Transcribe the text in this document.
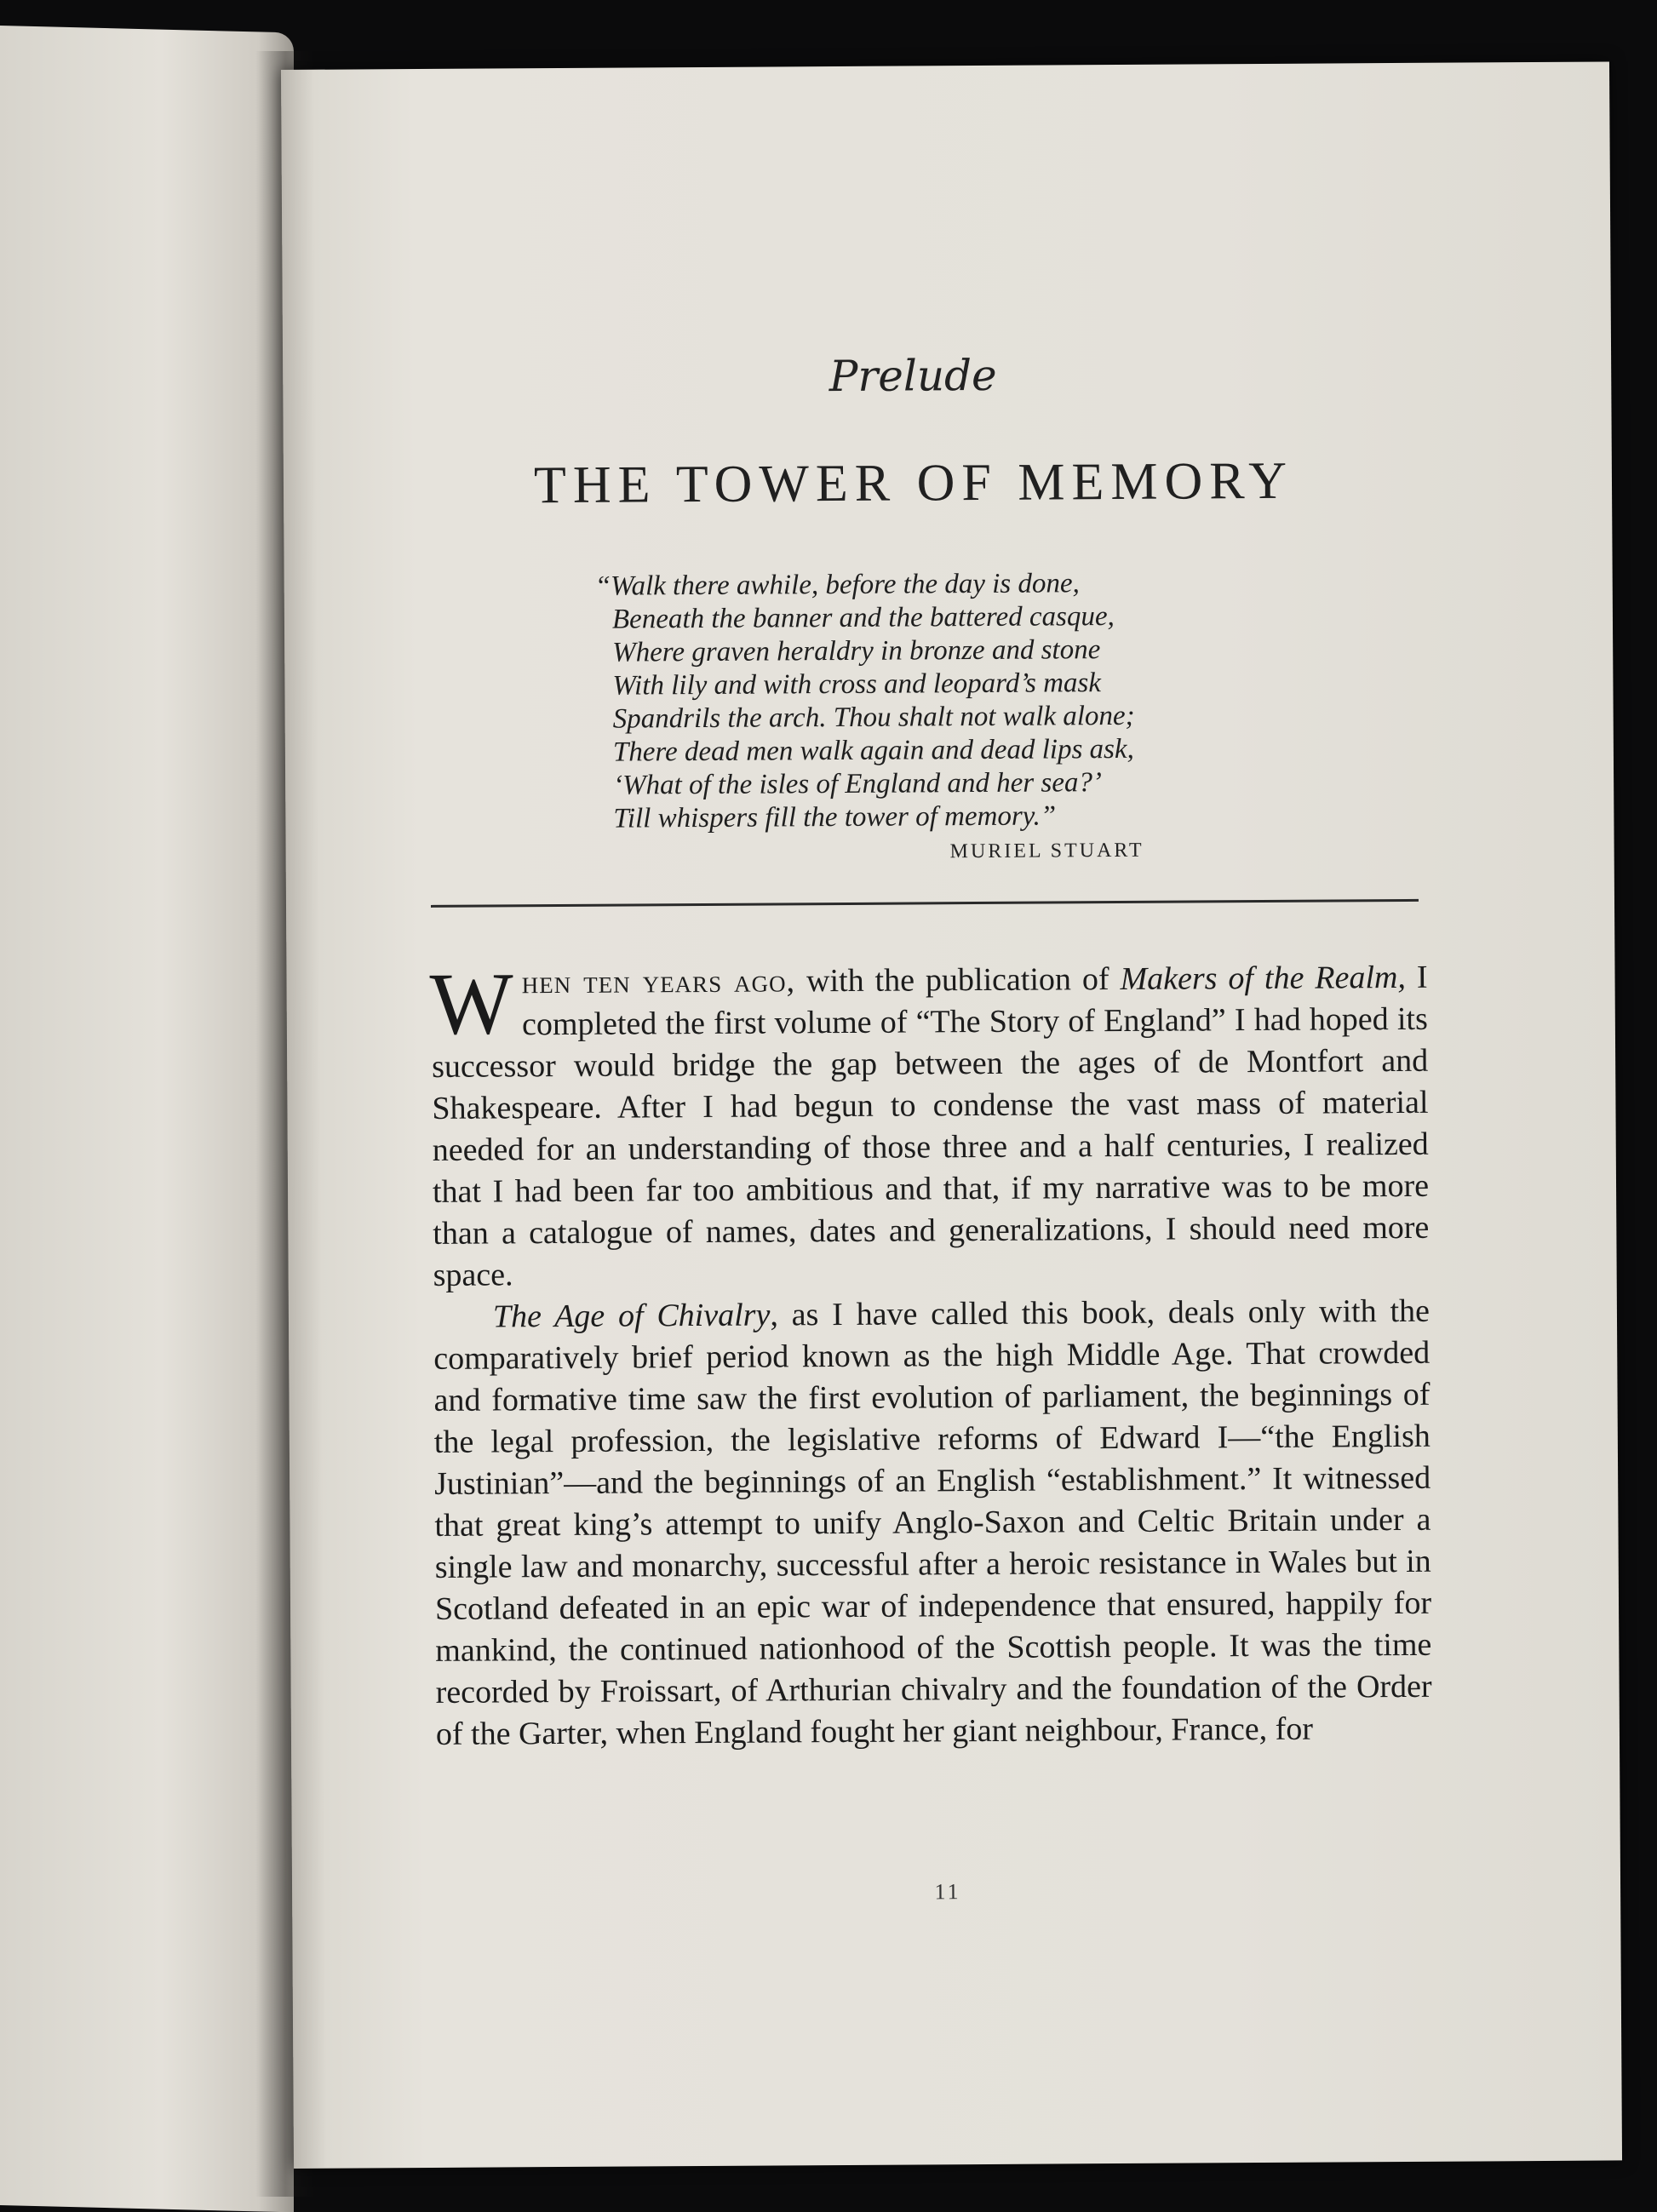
Prelude
THE TOWER OF MEMORY
“Walk there awhile, before the day is done,
Beneath the banner and the battered casque,
Where graven heraldry in bronze and stone
With lily and with cross and leopard’s mask
Spandrils the arch. Thou shalt not walk alone;
There dead men walk again and dead lips ask,
‘What of the isles of England and her sea?’
Till whispers fill the tower of memory.”
MURIEL STUART

When ten years ago, with the publication of Makers of the Realm, I completed the first volume of “The Story of England” I had hoped its successor would bridge the gap between the ages of de Montfort and Shakespeare. After I had begun to condense the vast mass of material needed for an understanding of those three and a half centuries, I realized that I had been far too ambitious and that, if my narrative was to be more than a catalogue of names, dates and generalizations, I should need more space.

The Age of Chivalry, as I have called this book, deals only with the comparatively brief period known as the high Middle Age. That crowded and formative time saw the first evolution of parliament, the beginnings of the legal profession, the legislative reforms of Edward I—“the English Justinian”—and the beginnings of an English “establishment.” It witnessed that great king’s attempt to unify Anglo-Saxon and Celtic Britain under a single law and monarchy, successful after a heroic resistance in Wales but in Scotland defeated in an epic war of independence that ensured, happily for mankind, the continued nationhood of the Scottish people. It was the time recorded by Froissart, of Arthurian chivalry and the foundation of the Order of the Garter, when England fought her giant neighbour, France, for

11
